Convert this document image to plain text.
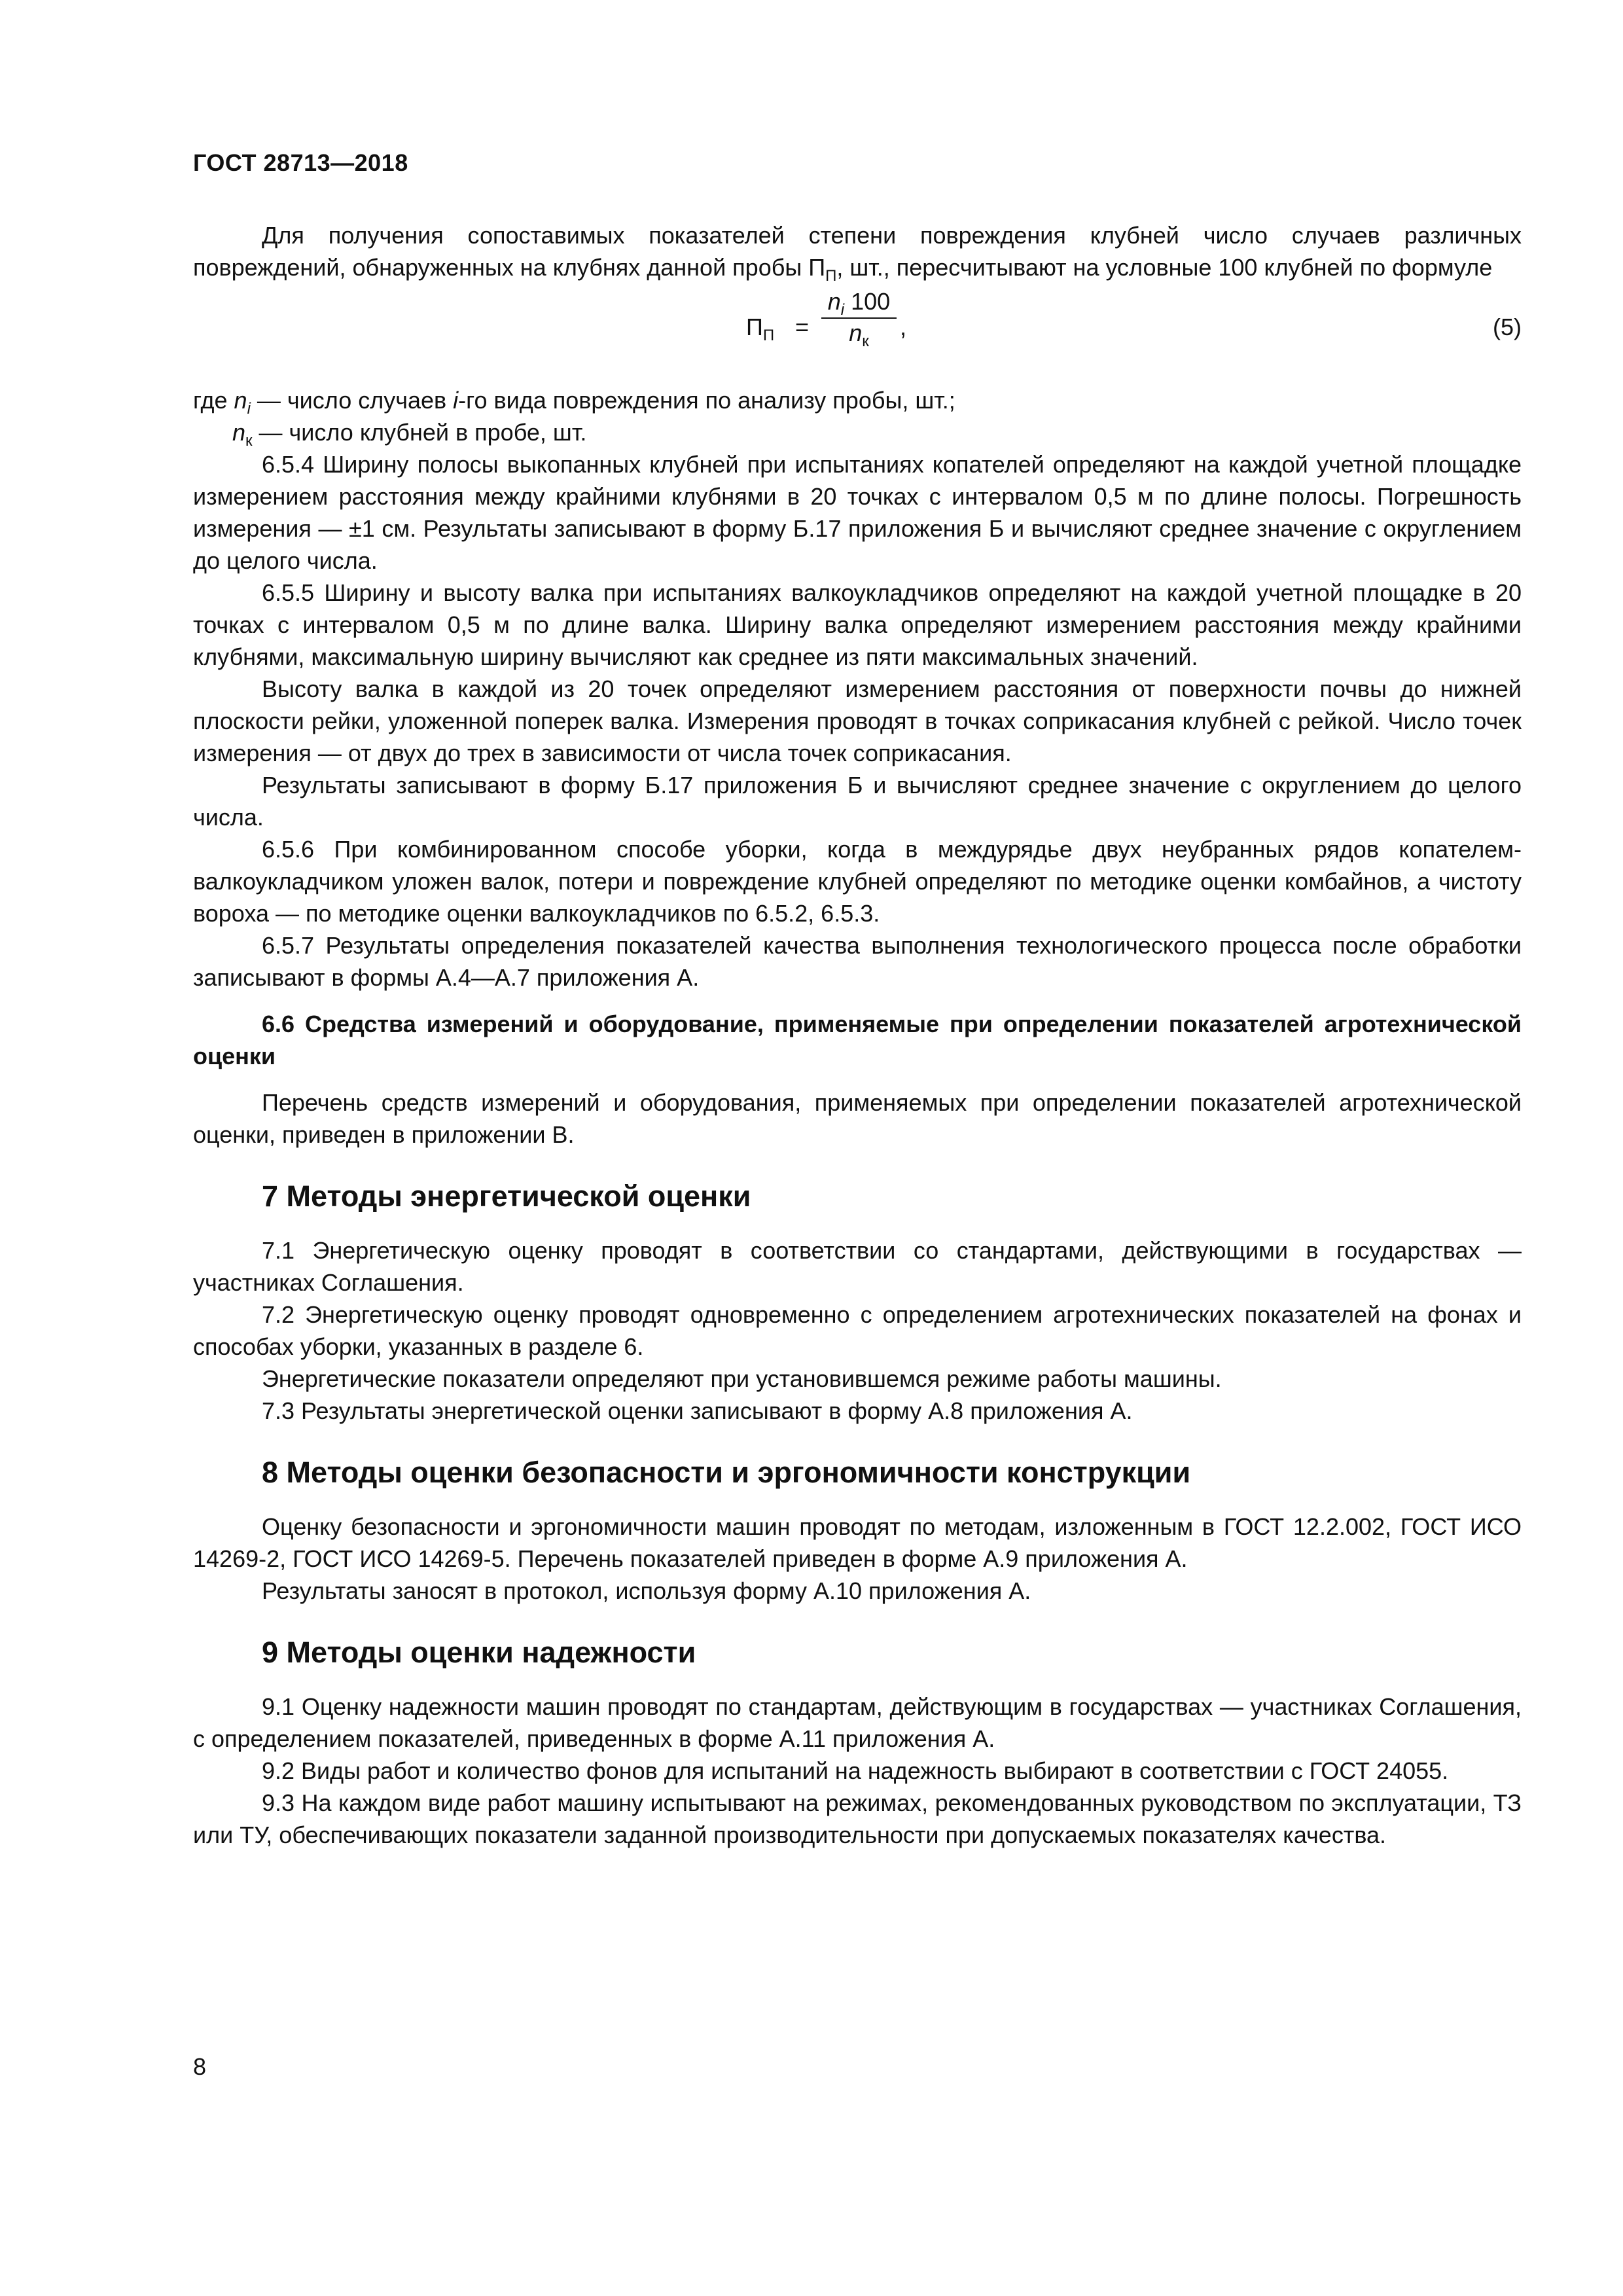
ГОСТ 28713—2018

Для получения сопоставимых показателей степени повреждения клубней число случаев различных повреждений, обнаруженных на клубнях данной пробы $П_П$, шт., пересчитывают на условные 100 клубней по формуле

$П_П$ =
$n_i$ 100
$n_к$
,	(5)

где $n_i$ — число случаев i-го вида повреждения по анализу пробы, шт.;

$n_к$ — число клубней в пробе, шт.

6.5.4 Ширину полосы выкопанных клубней при испытаниях копателей определяют на каждой учетной площадке измерением расстояния между крайними клубнями в 20 точках с интервалом 0,5 м по длине полосы. Погрешность измерения — ±1 см. Результаты записывают в форму Б.17 приложения Б и вычисляют среднее значение с округлением до целого числа.

6.5.5 Ширину и высоту валка при испытаниях валкоукладчиков определяют на каждой учетной площадке в 20 точках с интервалом 0,5 м по длине валка. Ширину валка определяют измерением расстояния между крайними клубнями, максимальную ширину вычисляют как среднее из пяти максимальных значений.

Высоту валка в каждой из 20 точек определяют измерением расстояния от поверхности почвы до нижней плоскости рейки, уложенной поперек валка. Измерения проводят в точках соприкасания клубней с рейкой. Число точек измерения — от двух до трех в зависимости от числа точек соприкасания.

Результаты записывают в форму Б.17 приложения Б и вычисляют среднее значение с округлением до целого числа.

6.5.6 При комбинированном способе уборки, когда в междурядье двух неубранных рядов копателем-валкоукладчиком уложен валок, потери и повреждение клубней определяют по методике оценки комбайнов, а чистоту вороха — по методике оценки валкоукладчиков по 6.5.2, 6.5.3.

6.5.7 Результаты определения показателей качества выполнения технологического процесса после обработки записывают в формы А.4—А.7 приложения А.

6.6 Средства измерений и оборудование, применяемые при определении показателей агротехнической оценки

Перечень средств измерений и оборудования, применяемых при определении показателей агротехнической оценки, приведен в приложении В.

7 Методы энергетической оценки

7.1 Энергетическую оценку проводят в соответствии со стандартами, действующими в государствах — участниках Соглашения.

7.2 Энергетическую оценку проводят одновременно с определением агротехнических показателей на фонах и способах уборки, указанных в разделе 6.

Энергетические показатели определяют при установившемся режиме работы машины.

7.3 Результаты энергетической оценки записывают в форму А.8 приложения А.

8 Методы оценки безопасности и эргономичности конструкции

Оценку безопасности и эргономичности машин проводят по методам, изложенным в ГОСТ 12.2.002, ГОСТ ИСО 14269-2, ГОСТ ИСО 14269-5. Перечень показателей приведен в форме А.9 приложения А.

Результаты заносят в протокол, используя форму А.10 приложения А.

9 Методы оценки надежности

9.1 Оценку надежности машин проводят по стандартам, действующим в государствах — участниках Соглашения, с определением показателей, приведенных в форме А.11 приложения А.

9.2 Виды работ и количество фонов для испытаний на надежность выбирают в соответствии с ГОСТ 24055.

9.3 На каждом виде работ машину испытывают на режимах, рекомендованных руководством по эксплуатации, ТЗ или ТУ, обеспечивающих показатели заданной производительности при допускаемых показателях качества.

8
